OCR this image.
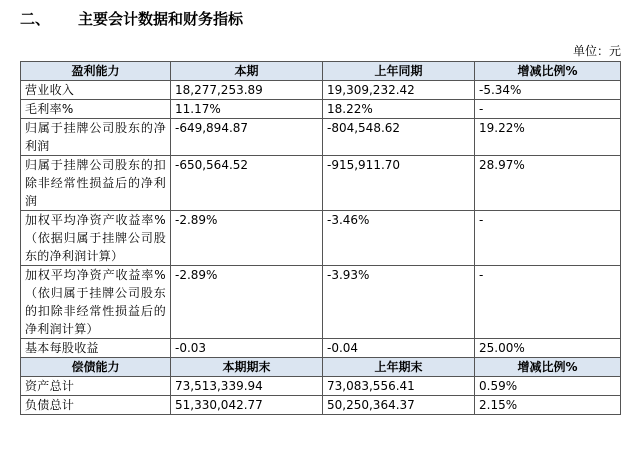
二、 主要会计数据和财务指标
单位：元
盈利能力	本期	上年同期	增减比例%
营业收入	18,277,253.89	19,309,232.42	-5.34%
毛利率%	11.17%	18.22%	-
归属于挂牌公司股东的净利润	-649,894.87	-804,548.62	19.22%
归属于挂牌公司股东的扣除非经常性损益后的净利润	-650,564.52	-915,911.70	28.97%
加权平均净资产收益率%（依据归属于挂牌公司股东的净利润计算）	-2.89%	-3.46%	-
加权平均净资产收益率%（依归属于挂牌公司股东的扣除非经常性损益后的净利润计算）	-2.89%	-3.93%	-
基本每股收益	-0.03	-0.04	25.00%
偿债能力	本期期末	上年期末	增减比例%
资产总计	73,513,339.94	73,083,556.41	0.59%
负债总计	51,330,042.77	50,250,364.37	2.15%
